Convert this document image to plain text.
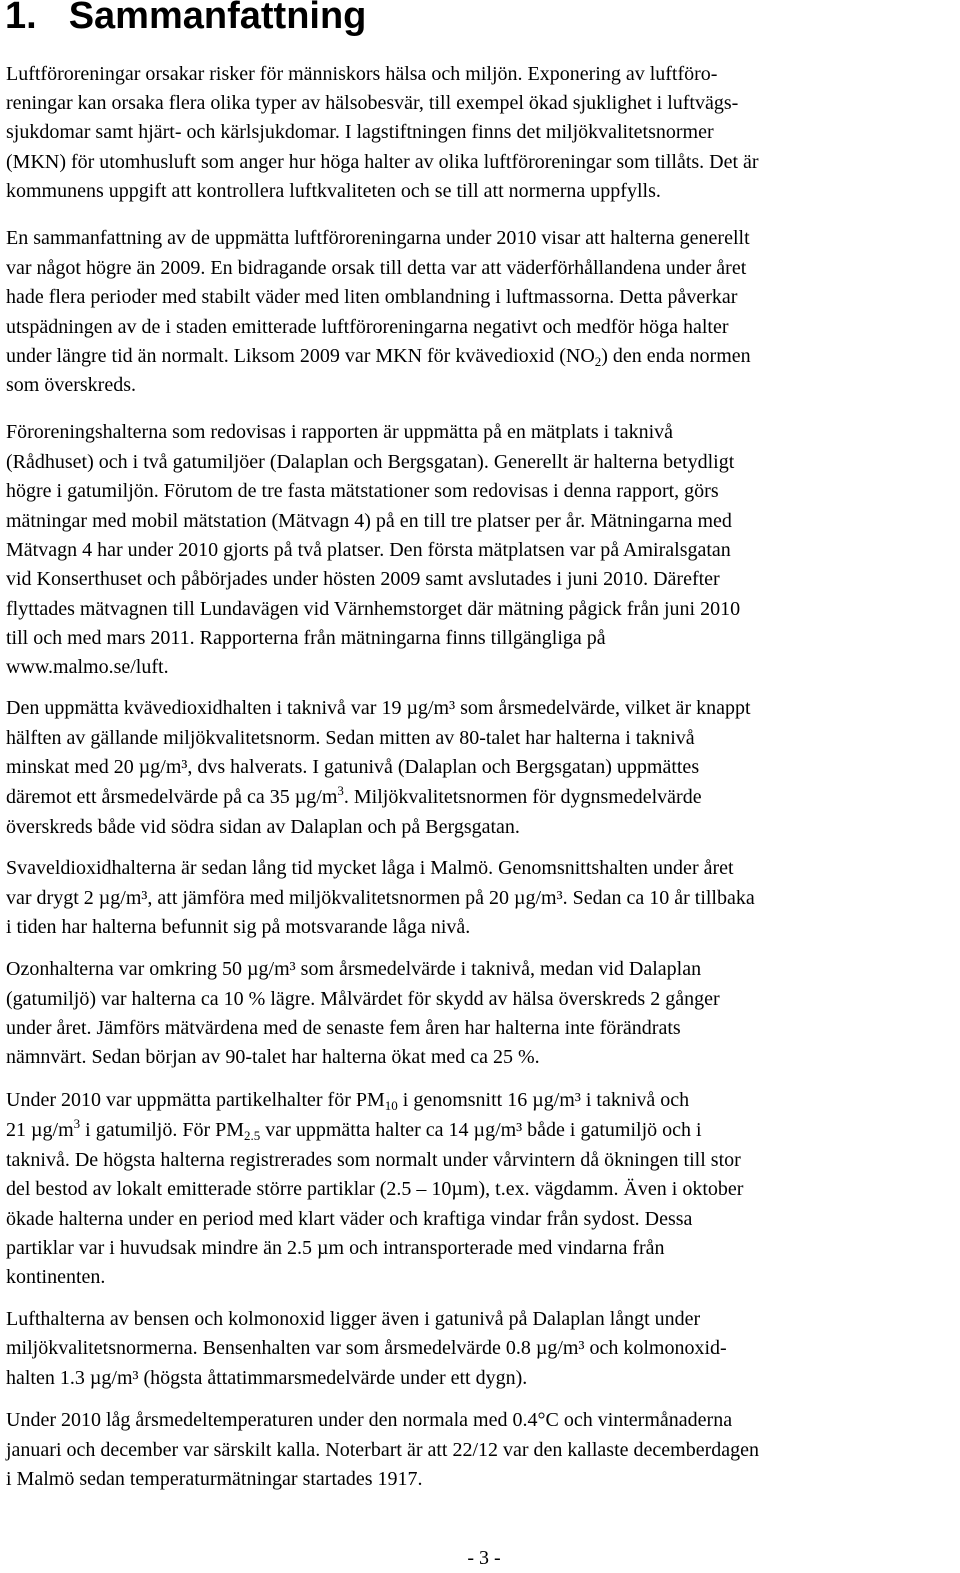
1. Sammanfattning

Luftföroreningar orsakar risker för människors hälsa och miljön. Exponering av luftföro-

reningar kan orsaka flera olika typer av hälsobesvär, till exempel ökad sjuklighet i luftvägs-

sjukdomar samt hjärt- och kärlsjukdomar. I lagstiftningen finns det miljökvalitetsnormer

(MKN) för utomhusluft som anger hur höga halter av olika luftföroreningar som tillåts. Det är

kommunens uppgift att kontrollera luftkvaliteten och se till att normerna uppfylls.

En sammanfattning av de uppmätta luftföroreningarna under 2010 visar att halterna generellt

var något högre än 2009. En bidragande orsak till detta var att väderförhållandena under året

hade flera perioder med stabilt väder med liten omblandning i luftmassorna. Detta påverkar

utspädningen av de i staden emitterade luftföroreningarna negativt och medför höga halter

under längre tid än normalt. Liksom 2009 var MKN för kvävedioxid $(NO_2)$ den enda normen

som överskreds.

Föroreningshalterna som redovisas i rapporten är uppmätta på en mätplats i taknivå

(Rådhuset) och i två gatumiljöer (Dalaplan och Bergsgatan). Generellt är halterna betydligt

högre i gatumiljön. Förutom de tre fasta mätstationer som redovisas i denna rapport, görs

mätningar med mobil mätstation (Mätvagn 4) på en till tre platser per år. Mätningarna med

Mätvagn 4 har under 2010 gjorts på två platser. Den första mätplatsen var på Amiralsgatan

vid Konserthuset och påbörjades under hösten 2009 samt avslutades i juni 2010. Därefter

flyttades mätvagnen till Lundavägen vid Värnhemstorget där mätning pågick från juni 2010

till och med mars 2011. Rapporterna från mätningarna finns tillgängliga på

www.malmo.se/luft.

Den uppmätta kvävedioxidhalten i taknivå var 19 µg/m³ som årsmedelvärde, vilket är knappt

hälften av gällande miljökvalitetsnorm. Sedan mitten av 80-talet har halterna i taknivå

minskat med 20 µg/m³, dvs halverats. I gatunivå (Dalaplan och Bergsgatan) uppmättes

däremot ett årsmedelvärde på ca 35 $\mu g/m^3$. Miljökvalitetsnormen för dygnsmedelvärde

överskreds både vid södra sidan av Dalaplan och på Bergsgatan.

Svaveldioxidhalterna är sedan lång tid mycket låga i Malmö. Genomsnittshalten under året

var drygt 2 µg/m³, att jämföra med miljökvalitetsnormen på 20 µg/m³. Sedan ca 10 år tillbaka

i tiden har halterna befunnit sig på motsvarande låga nivå.

Ozonhalterna var omkring 50 µg/m³ som årsmedelvärde i taknivå, medan vid Dalaplan

(gatumiljö) var halterna ca 10 % lägre. Målvärdet för skydd av hälsa överskreds 2 gånger

under året. Jämförs mätvärdena med de senaste fem åren har halterna inte förändrats

nämnvärt. Sedan början av 90-talet har halterna ökat med ca 25 %.

Under 2010 var uppmätta partikelhalter för $PM_{10}$ i genomsnitt 16 µg/m³ i taknivå och

21 $\mu g/m^3$ i gatumiljö. För $PM_{2.5}$ var uppmätta halter ca 14 µg/m³ både i gatumiljö och i

taknivå. De högsta halterna registrerades som normalt under vårvintern då ökningen till stor

del bestod av lokalt emitterade större partiklar (2.5 – 10µm), t.ex. vägdamm. Även i oktober

ökade halterna under en period med klart väder och kraftiga vindar från sydost. Dessa

partiklar var i huvudsak mindre än 2.5 µm och intransporterade med vindarna från

kontinenten.

Lufthalterna av bensen och kolmonoxid ligger även i gatunivå på Dalaplan långt under

miljökvalitetsnormerna. Bensenhalten var som årsmedelvärde 0.8 µg/m³ och kolmonoxid-

halten 1.3 µg/m³ (högsta åttatimmarsmedelvärde under ett dygn).

Under 2010 låg årsmedeltemperaturen under den normala med 0.4°C och vintermånaderna

januari och december var särskilt kalla. Noterbart är att 22/12 var den kallaste decemberdagen

i Malmö sedan temperaturmätningar startades 1917.

- 3 -
